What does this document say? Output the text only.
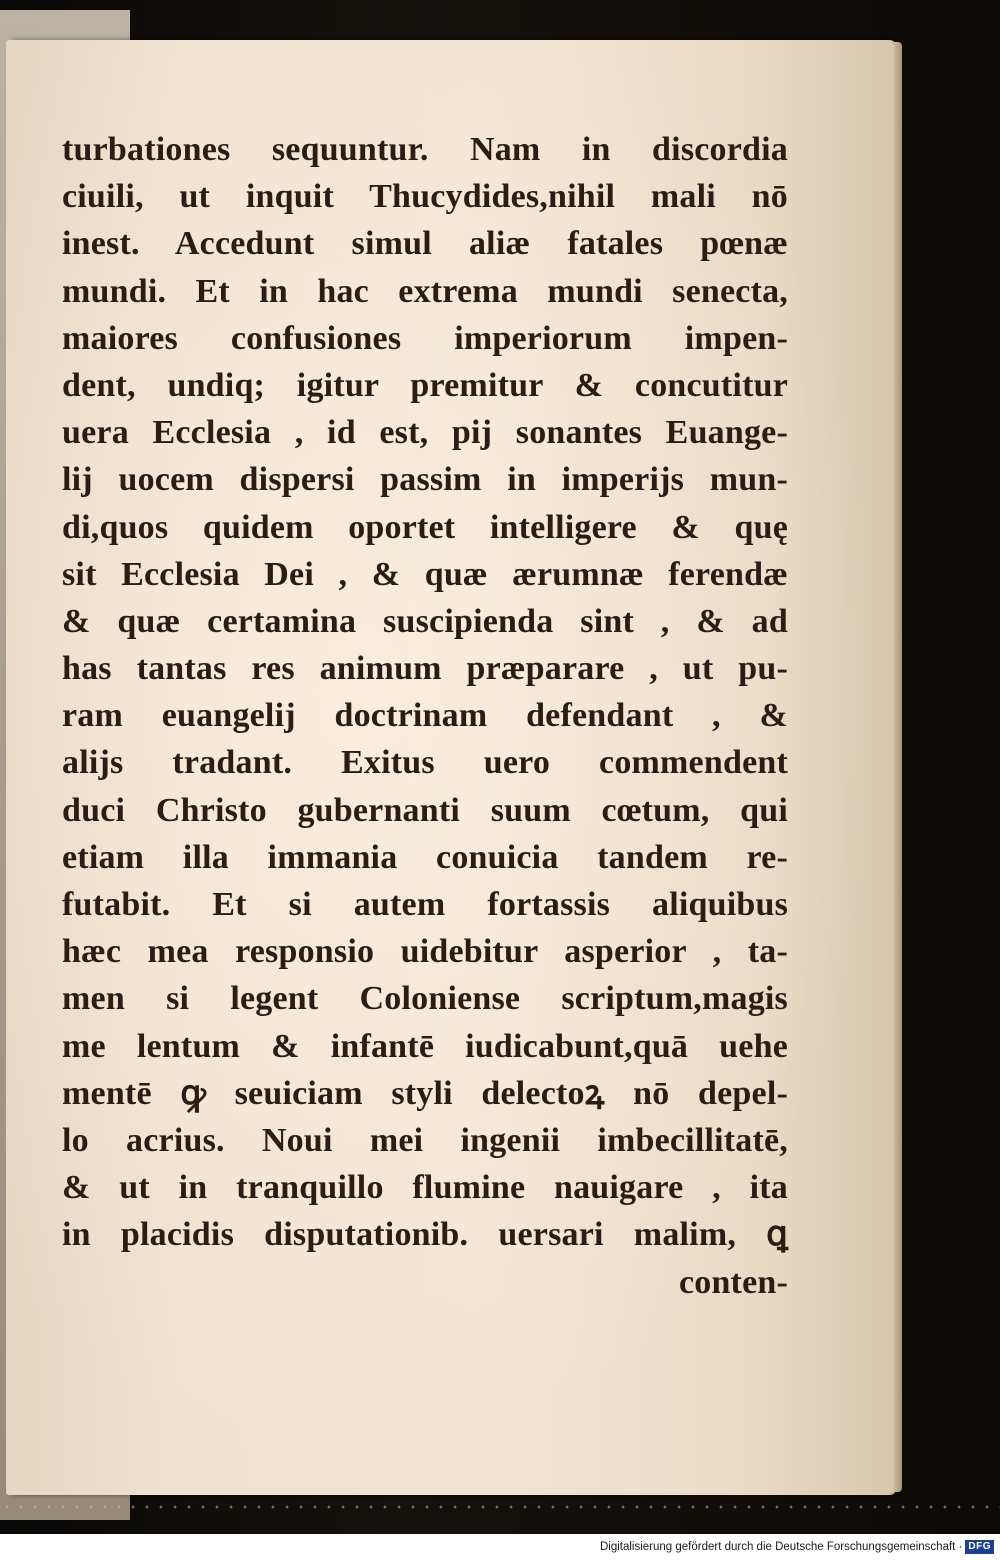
turbationes sequuntur. Nam in discordia
ciuili, ut inquit Thucydides,nihil mali nō
inest. Accedunt simul aliæ fatales pœnæ
mundi. Et in hac extrema mundi senecta,
maiores confusiones imperiorum impen-
dent, undiq; igitur premitur & concutitur
uera Ecclesia , id est, pij sonantes Euange-
lij uocem dispersi passim in imperijs mun-
di,quos quidem oportet intelligere & quę
sit Ecclesia Dei , & quæ ærumnæ ferendæ
& quæ certamina suscipienda sint , & ad
has tantas res animum præparare , ut pu-
ram euangelij doctrinam defendant , &
alijs tradant. Exitus uero commendent
duci Christo gubernanti suum cœtum, qui
etiam illa immania conuicia tandem re-
futabit. Et si autem fortassis aliquibus
hæc mea responsio uidebitur asperior , ta-
men si legent Coloniense scriptum,magis
me lentum & infantē iudicabunt,quā uehe
mentē ꝙ seuiciam styli delectoꝝ nō depel-
lo acrius. Noui mei ingenii imbecillitatē,
& ut in tranquillo flumine nauigare , ita
in placidis disputationib. uersari malim, ꝗ
conten-
Digitalisierung gefördert durch die Deutsche Forschungsgemeinschaft · DFG
